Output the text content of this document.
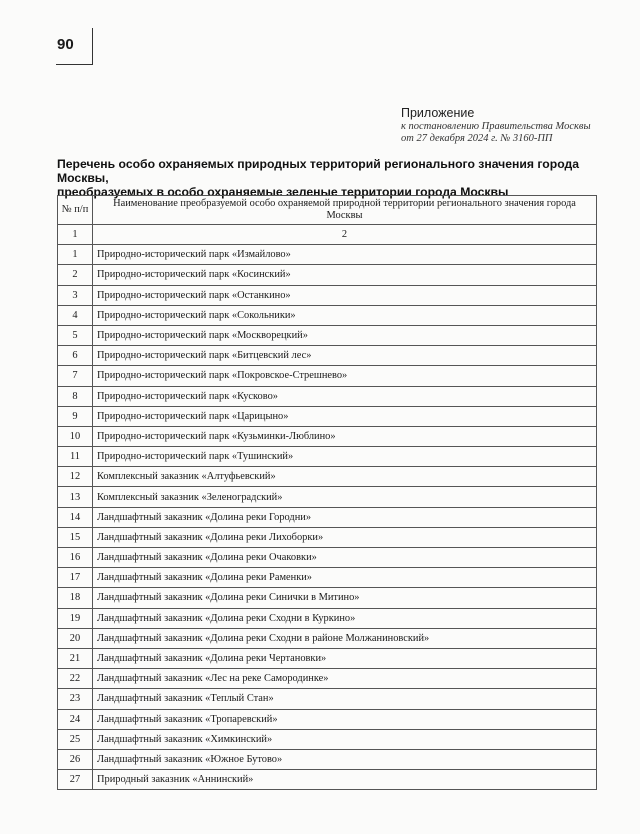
90
Приложение
к постановлению Правительства Москвы
от 27 декабря 2024 г. № 3160-ПП
Перечень особо охраняемых природных территорий регионального значения города Москвы,
преобразуемых в особо охраняемые зеленые территории города Москвы
№ п/п	Наименование преобразуемой особо охраняемой природной территории регионального значения города Москвы
1	2
1	Природно-исторический парк «Измайлово»
2	Природно-исторический парк «Косинский»
3	Природно-исторический парк «Останкино»
4	Природно-исторический парк «Сокольники»
5	Природно-исторический парк «Москворецкий»
6	Природно-исторический парк «Битцевский лес»
7	Природно-исторический парк «Покровское-Стрешнево»
8	Природно-исторический парк «Кусково»
9	Природно-исторический парк «Царицыно»
10	Природно-исторический парк «Кузьминки-Люблино»
11	Природно-исторический парк «Тушинский»
12	Комплексный заказник «Алтуфьевский»
13	Комплексный заказник «Зеленоградский»
14	Ландшафтный заказник «Долина реки Городни»
15	Ландшафтный заказник «Долина реки Лихоборки»
16	Ландшафтный заказник «Долина реки Очаковки»
17	Ландшафтный заказник «Долина реки Раменки»
18	Ландшафтный заказник «Долина реки Синички в Митино»
19	Ландшафтный заказник «Долина реки Сходни в Куркино»
20	Ландшафтный заказник «Долина реки Сходни в районе Молжаниновский»
21	Ландшафтный заказник «Долина реки Чертановки»
22	Ландшафтный заказник «Лес на реке Самородинке»
23	Ландшафтный заказник «Теплый Стан»
24	Ландшафтный заказник «Тропаревский»
25	Ландшафтный заказник «Химкинский»
26	Ландшафтный заказник «Южное Бутово»
27	Природный заказник «Аннинский»
